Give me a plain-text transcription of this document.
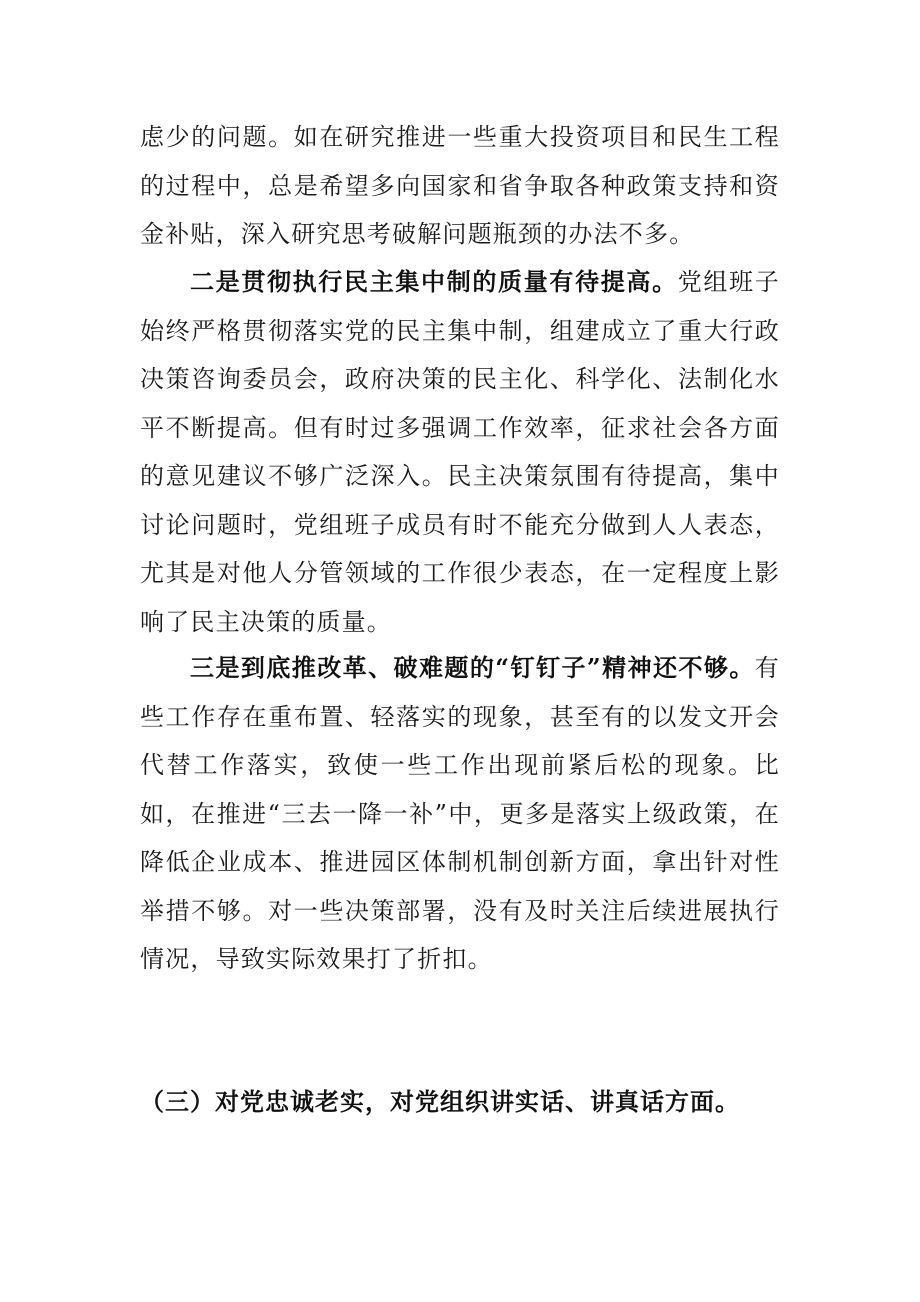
虑少的问题。如在研究推进一些重大投资项目和民生工程的过程中，总是希望多向国家和省争取各种政策支持和资金补贴，深入研究思考破解问题瓶颈的办法不多。

二是贯彻执行民主集中制的质量有待提高。党组班子始终严格贯彻落实党的民主集中制，组建成立了重大行政决策咨询委员会，政府决策的民主化、科学化、法制化水平不断提高。但有时过多强调工作效率，征求社会各方面的意见建议不够广泛深入。民主决策氛围有待提高，集中讨论问题时，党组班子成员有时不能充分做到人人表态，尤其是对他人分管领域的工作很少表态，在一定程度上影响了民主决策的质量。

三是到底推改革、破难题的“钉钉子”精神还不够。有些工作存在重布置、轻落实的现象，甚至有的以发文开会代替工作落实，致使一些工作出现前紧后松的现象。比如，在推进“三去一降一补”中，更多是落实上级政策，在降低企业成本、推进园区体制机制创新方面，拿出针对性举措不够。对一些决策部署，没有及时关注后续进展执行情况，导致实际效果打了折扣。

（三）对党忠诚老实，对党组织讲实话、讲真话方面。
